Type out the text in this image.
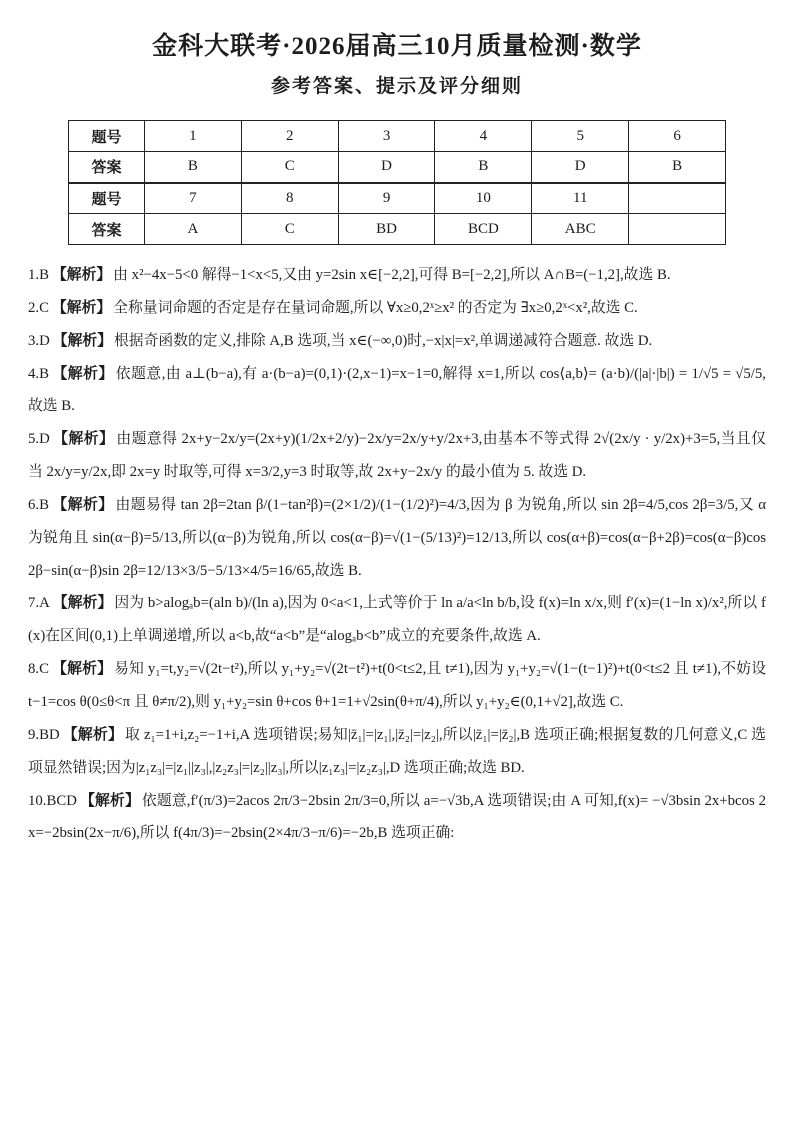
金科大联考·2026届高三10月质量检测·数学
参考答案、提示及评分细则
题号	1	2	3	4	5	6
答案	B	C	D	B	D	B
题号	7	8	9	10	11	
答案	A	C	BD	BCD	ABC	

1.B 【解析】 由 x²−4x−5<0 解得−1<x<5,又由 y=2sin x∈[−2,2],可得 B=[−2,2],所以 A∩B=(−1,2],故选 B.

2.C 【解析】 全称量词命题的否定是存在量词命题,所以 ∀x≥0,2ˣ≥x² 的否定为 ∃x≥0,2ˣ<x²,故选 C.

3.D 【解析】 根据奇函数的定义,排除 A,B 选项,当 x∈(−∞,0)时,−x|x|=x²,单调递减符合题意. 故选 D.

4.B 【解析】 依题意,由 a⊥(b−a),有 a·(b−a)=(0,1)·(2,x−1)=x−1=0,解得 x=1,所以 cos⟨a,b⟩= (a·b)/(|a|·|b|) = 1/√5 = √5/5,故选 B.

5.D 【解析】 由题意得 2x+y−2x/y=(2x+y)(1/2x+2/y)−2x/y=2x/y+y/2x+3,由基本不等式得 2√(2x/y · y/2x)+3=5,当且仅当 2x/y=y/2x,即 2x=y 时取等,可得 x=3/2,y=3 时取等,故 2x+y−2x/y 的最小值为 5. 故选 D.

6.B 【解析】 由题易得 tan 2β=2tan β/(1−tan²β)=(2×1/2)/(1−(1/2)²)=4/3,因为 β 为锐角,所以 sin 2β=4/5,cos 2β=3/5,又 α 为锐角且 sin(α−β)=5/13,所以(α−β)为锐角,所以 cos(α−β)=√(1−(5/13)²)=12/13,所以 cos(α+β)=cos(α−β+2β)=cos(α−β)cos 2β−sin(α−β)sin 2β=12/13×3/5−5/13×4/5=16/65,故选 B.

7.A 【解析】 因为 b>alogₐb=(aln b)/(ln a),因为 0<a<1,上式等价于 ln a/a<ln b/b,设 f(x)=ln x/x,则 f′(x)=(1−ln x)/x²,所以 f(x)在区间(0,1)上单调递增,所以 a<b,故“a<b”是“alogₐb<b”成立的充要条件,故选 A.

8.C 【解析】 易知 y₁=t,y₂=√(2t−t²),所以 y₁+y₂=√(2t−t²)+t(0<t≤2,且 t≠1),因为 y₁+y₂=√(1−(t−1)²)+t(0<t≤2 且 t≠1),不妨设 t−1=cos θ(0≤θ<π 且 θ≠π/2),则 y₁+y₂=sin θ+cos θ+1=1+√2sin(θ+π/4),所以 y₁+y₂∈(0,1+√2],故选 C.

9.BD 【解析】 取 z₁=1+i,z₂=−1+i,A 选项错误;易知|z̄₁|=|z₁|,|z̄₂|=|z₂|,所以|z̄₁|=|z̄₂|,B 选项正确;根据复数的几何意义,C 选项显然错误;因为|z₁z₃|=|z₁||z₃|,|z₂z₃|=|z₂||z₃|,所以|z₁z₃|=|z₂z₃|,D 选项正确;故选 BD.

10.BCD 【解析】 依题意,f′(π/3)=2acos 2π/3−2bsin 2π/3=0,所以 a=−√3b,A 选项错误;由 A 可知,f(x)= −√3bsin 2x+bcos 2x=−2bsin(2x−π/6),所以 f(4π/3)=−2bsin(2×4π/3−π/6)=−2b,B 选项正确:
